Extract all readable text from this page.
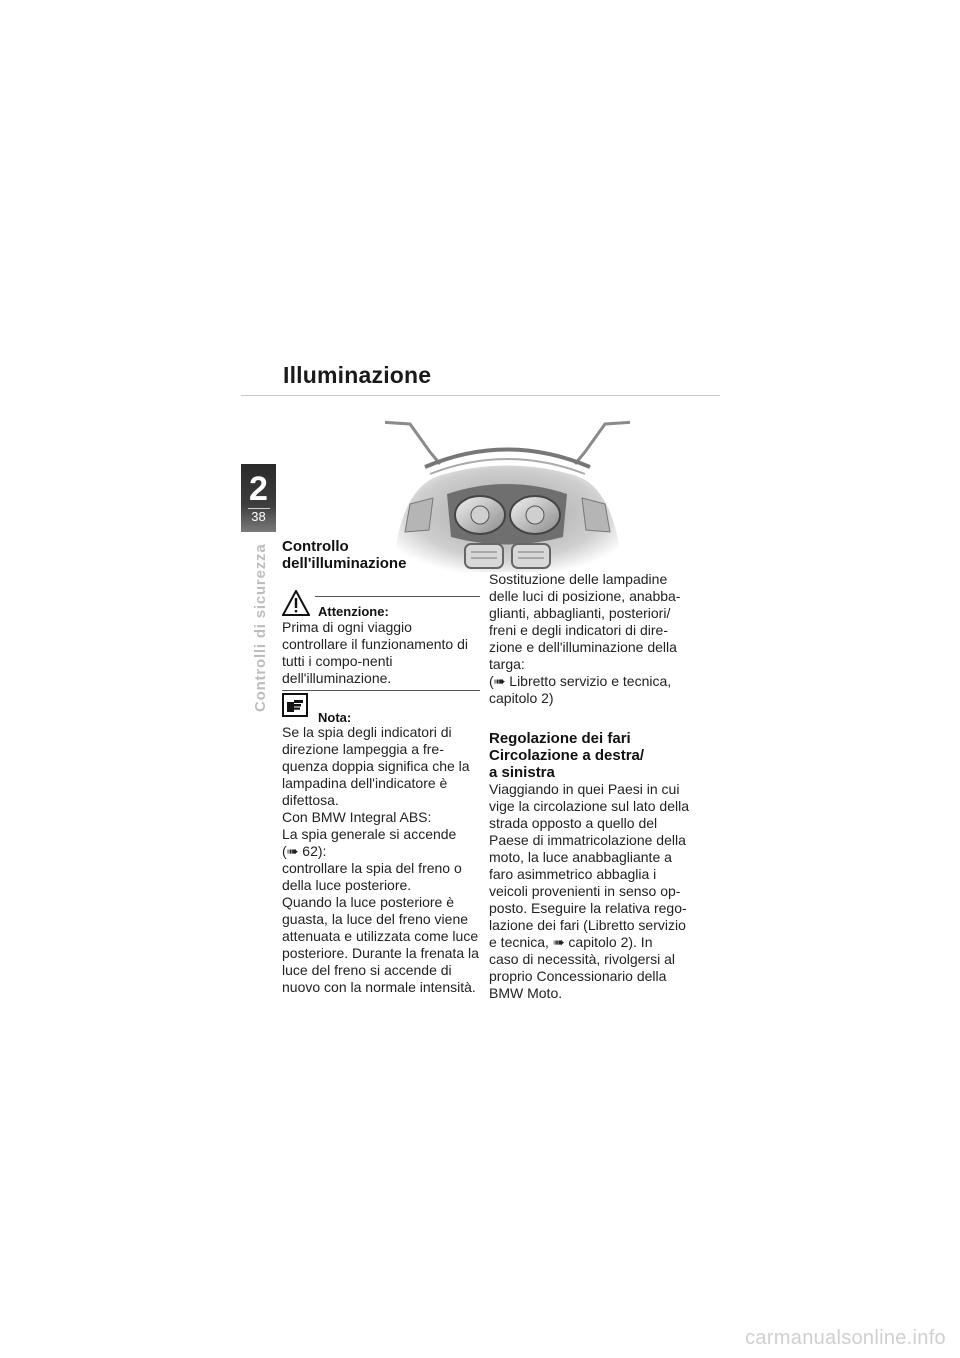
Illuminazione
2
38
Controlli di sicurezza Controllo
dell'illuminazione
Attenzione:

Prima di ogni viaggio controllare il funzionamento di tutti i compo-nenti dell'illuminazione.

Nota:
Se la spia degli indicatori di
direzione lampeggia a fre-
quenza doppia significa che la
lampadina dell'indicatore è
difettosa.
Con BMW Integral ABS:
La spia generale si accende
(➠ 62):
controllare la spia del freno o
della luce posteriore.
Quando la luce posteriore è
guasta, la luce del freno viene
attenuata e utilizzata come luce
posteriore. Durante la frenata la
luce del freno si accende di
nuovo con la normale intensità.
Sostituzione delle lampadine
delle luci di posizione, anabba-
glianti, abbaglianti, posteriori/
freni e degli indicatori di dire-
zione e dell'illuminazione della
targa:
(➠ Libretto servizio e tecnica,
capitolo 2)
Regolazione dei fari
Circolazione a destra/
a sinistra
Viaggiando in quei Paesi in cui
vige la circolazione sul lato della
strada opposto a quello del
Paese di immatricolazione della
moto, la luce anabbagliante a
faro asimmetrico abbaglia i
veicoli provenienti in senso op-
posto. Eseguire la relativa rego-
lazione dei fari (Libretto servizio
e tecnica, ➠ capitolo 2). In
caso di necessità, rivolgersi al
proprio Concessionario della
BMW Moto.
carmanualsonline.info
